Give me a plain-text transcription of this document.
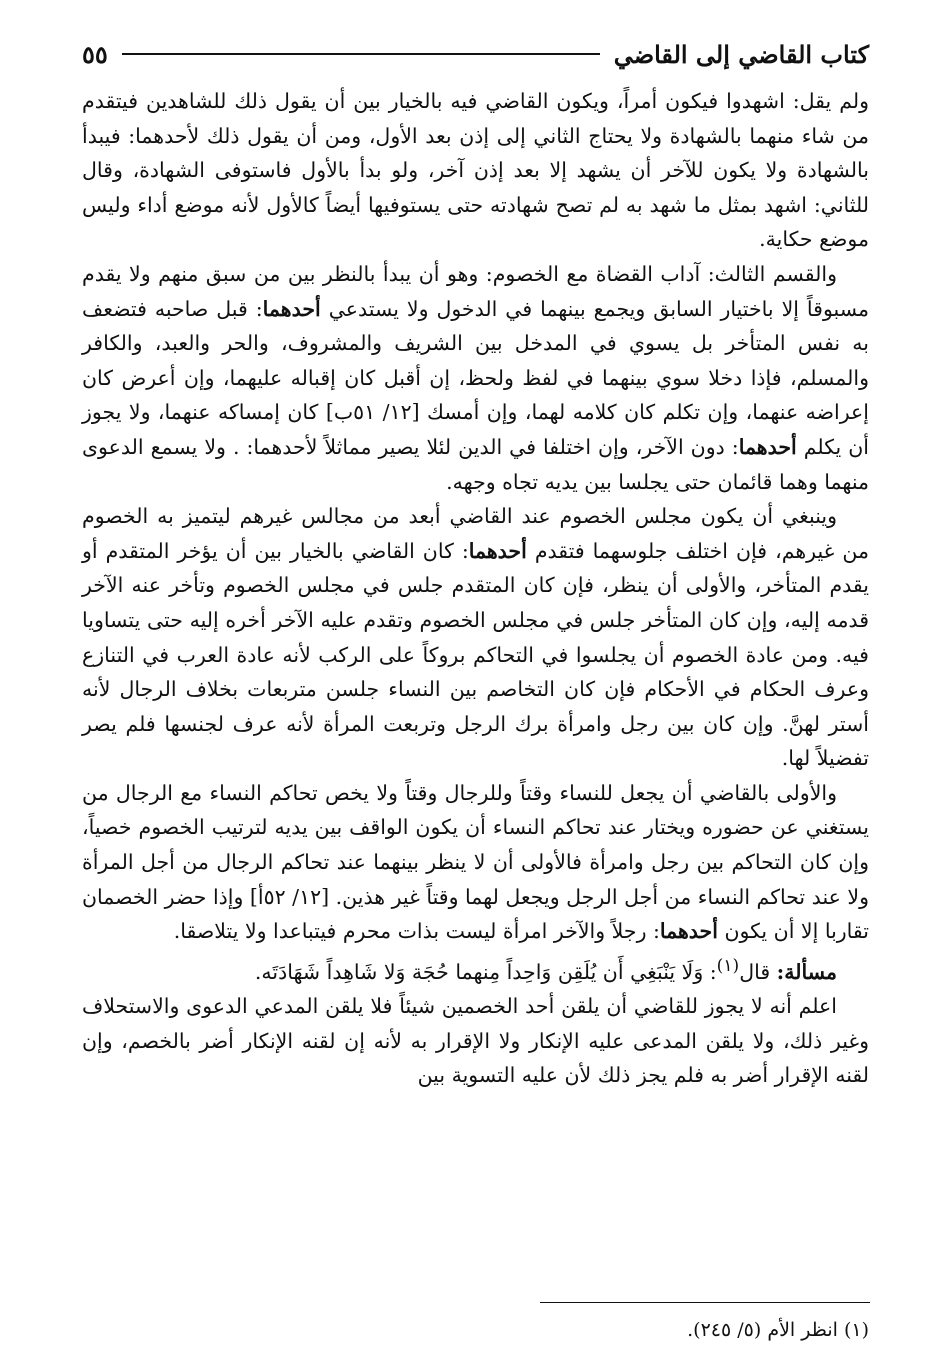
كتاب القاضي إلى القاضي
٥٥

ولم يقل: اشهدوا فيكون أمراً، ويكون القاضي فيه بالخيار بين أن يقول ذلك للشاهدين فيتقدم من شاء منهما بالشهادة ولا يحتاج الثاني إلى إذن بعد الأول، ومن أن يقول ذلك لأحدهما: فيبدأ بالشهادة ولا يكون للآخر أن يشهد إلا بعد إذن آخر، ولو بدأ بالأول فاستوفى الشهادة، وقال للثاني: اشهد بمثل ما شهد به لم تصح شهادته حتى يستوفيها أيضاً كالأول لأنه موضع أداء وليس موضع حكاية.

والقسم الثالث: آداب القضاة مع الخصوم: وهو أن يبدأ بالنظر بين من سبق منهم ولا يقدم مسبوقاً إلا باختيار السابق ويجمع بينهما في الدخول ولا يستدعي أحدهما: قبل صاحبه فتضعف به نفس المتأخر بل يسوي في المدخل بين الشريف والمشروف، والحر والعبد، والكافر والمسلم، فإذا دخلا سوي بينهما في لفظ ولحظ، إن أقبل كان إقباله عليهما، وإن أعرض كان إعراضه عنهما، وإن تكلم كان كلامه لهما، وإن أمسك [١٢/ ٥١ب] كان إمساكه عنهما، ولا يجوز أن يكلم أحدهما: دون الآخر، وإن اختلفا في الدين لئلا يصير مماثلاً لأحدهما: . ولا يسمع الدعوى منهما وهما قائمان حتى يجلسا بين يديه تجاه وجهه.

وينبغي أن يكون مجلس الخصوم عند القاضي أبعد من مجالس غيرهم ليتميز به الخصوم من غيرهم، فإن اختلف جلوسهما فتقدم أحدهما: كان القاضي بالخيار بين أن يؤخر المتقدم أو يقدم المتأخر، والأولى أن ينظر، فإن كان المتقدم جلس في مجلس الخصوم وتأخر عنه الآخر قدمه إليه، وإن كان المتأخر جلس في مجلس الخصوم وتقدم عليه الآخر أخره إليه حتى يتساويا فيه. ومن عادة الخصوم أن يجلسوا في التحاكم بروكاً على الركب لأنه عادة العرب في التنازع وعرف الحكام في الأحكام فإن كان التخاصم بين النساء جلسن متربعات بخلاف الرجال لأنه أستر لهنَّ. وإن كان بين رجل وامرأة برك الرجل وتربعت المرأة لأنه عرف لجنسها فلم يصر تفضيلاً لها.

والأولى بالقاضي أن يجعل للنساء وقتاً وللرجال وقتاً ولا يخص تحاكم النساء مع الرجال من يستغني عن حضوره ويختار عند تحاكم النساء أن يكون الواقف بين يديه لترتيب الخصوم خصياً، وإن كان التحاكم بين رجل وامرأة فالأولى أن لا ينظر بينهما عند تحاكم الرجال من أجل المرأة ولا عند تحاكم النساء من أجل الرجل ويجعل لهما وقتاً غير هذين. [١٢/ ٥٢أ] وإذا حضر الخصمان تقاربا إلا أن يكون أحدهما: رجلاً والآخر امرأة ليست بذات محرم فيتباعدا ولا يتلاصقا.

مسألة: قال$^{(١)}$: وَلَا يَنْبَغِي أَن يُلَقِن وَاحِداً مِنهما حُجَة وَلا شَاهِداً شَهَادَتَه.

اعلم أنه لا يجوز للقاضي أن يلقن أحد الخصمين شيئاً فلا يلقن المدعي الدعوى والاستحلاف وغير ذلك، ولا يلقن المدعى عليه الإنكار ولا الإقرار به لأنه إن لقنه الإنكار أضر بالخصم، وإن لقنه الإقرار أضر به فلم يجز ذلك لأن عليه التسوية بين

(١) انظر الأم (٥/ ٢٤٥).
